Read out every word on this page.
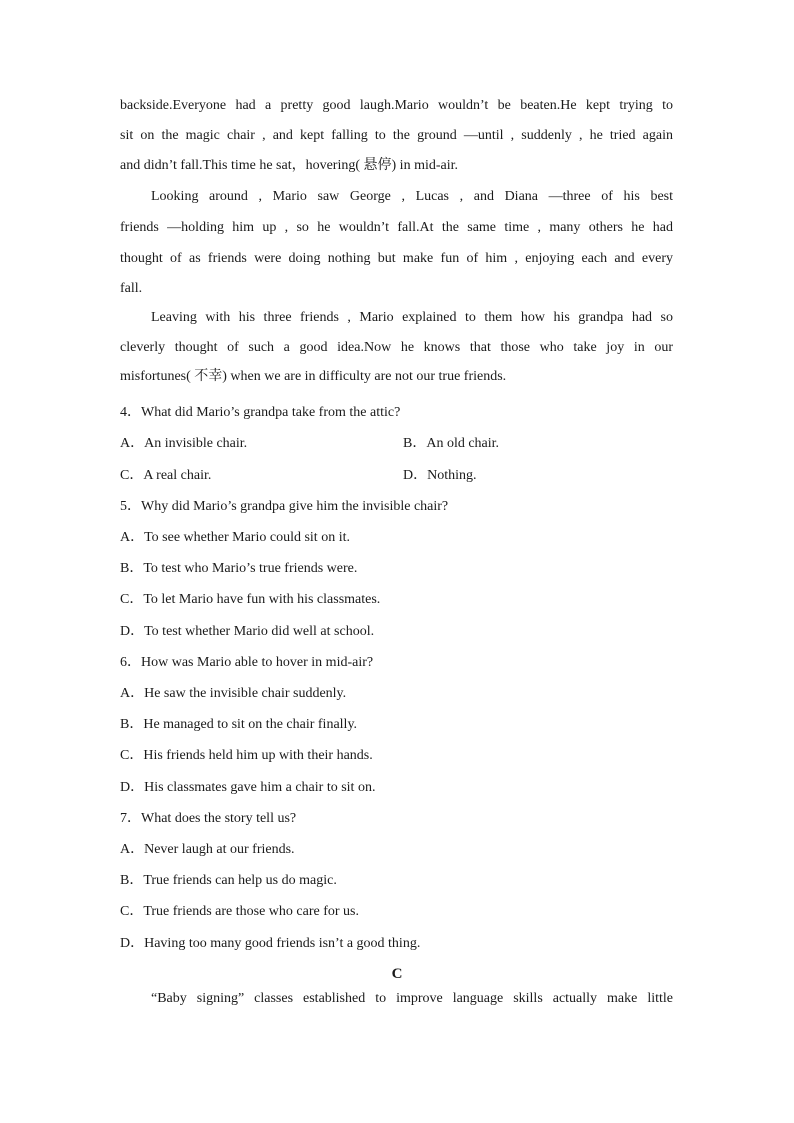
backside.Everyone had a pretty good laugh.Mario wouldn’t be beaten.He kept trying to
sit on the magic chair , and kept falling to the ground —until , suddenly , he tried again
and didn’t fall.This time he sat，hovering( 悬停) in mid-air.
Looking around , Mario saw George , Lucas , and Diana —three of his best
friends —holding him up , so he wouldn’t fall.At the same time , many others he had
thought of as friends were doing nothing but make fun of him , enjoying each and every
fall.
Leaving with his three friends , Mario explained to them how his grandpa had so
cleverly thought of such a good idea.Now he knows that those who take joy in our
misfortunes( 不幸) when we are in difficulty are not our true friends.
4．What did Mario’s grandpa take from the attic?
A．An invisible chair.	B．An old chair.
C．A real chair.	D．Nothing.
5．Why did Mario’s grandpa give him the invisible chair?
A．To see whether Mario could sit on it.
B．To test who Mario’s true friends were.
C．To let Mario have fun with his classmates.
D．To test whether Mario did well at school.
6．How was Mario able to hover in mid-air?
A．He saw the invisible chair suddenly.
B．He managed to sit on the chair finally.
C．His friends held him up with their hands.
D．His classmates gave him a chair to sit on.
7．What does the story tell us?
A．Never laugh at our friends.
B．True friends can help us do magic.
C．True friends are those who care for us.
D．Having too many good friends isn’t a good thing.
C
“Baby signing” classes established to improve language skills actually make little
